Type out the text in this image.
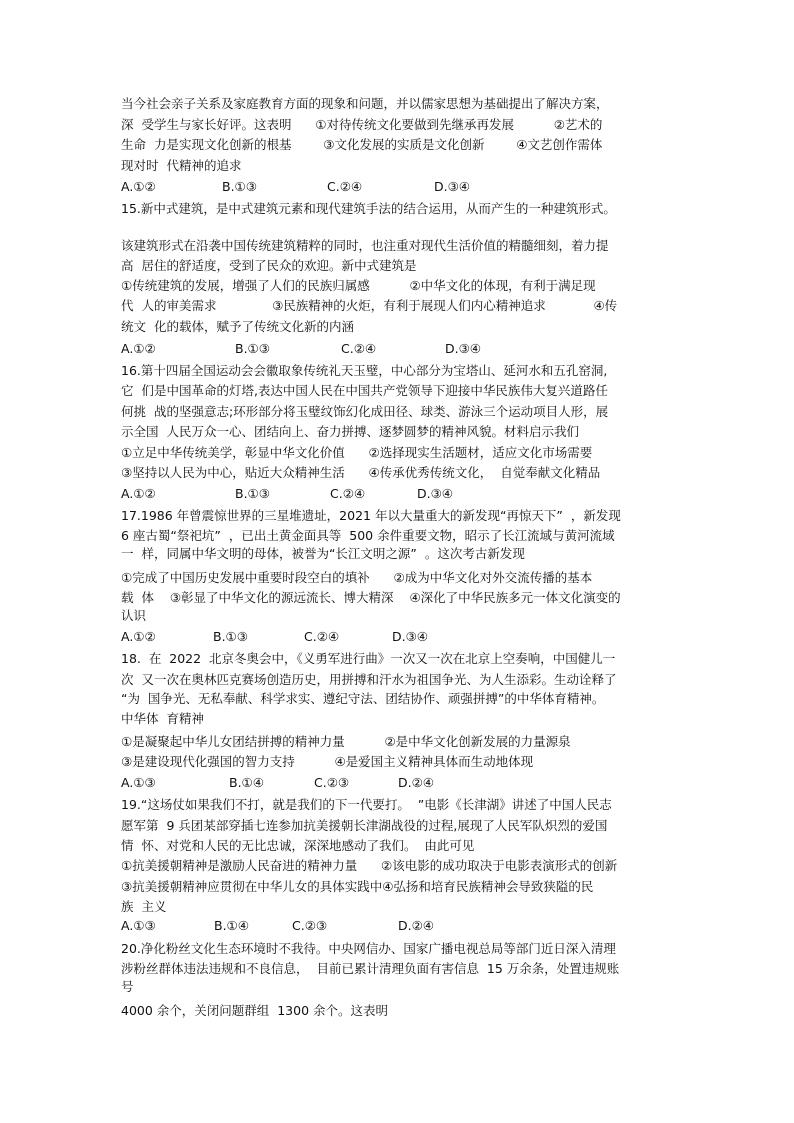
当今社会亲子关系及家庭教育方面的现象和问题，并以儒家思想为基础提出了解决方案，
深  受学生与家长好评。这表明      ①对待传统文化要做到先继承再发展          ②艺术的
生命  力是实现文化创新的根基        ③文化发展的实质是文化创新        ④文艺创作需体
现对时  代精神的追求
A.①②	B.①③	C.②④	D.③④
15.新中式建筑，是中式建筑元素和现代建筑手法的结合运用，从而产生的一种建筑形式。
该建筑形式在沿袭中国传统建筑精粹的同时，也注重对现代生活价值的精髓细刻，着力提
高  居住的舒适度，受到了民众的欢迎。新中式建筑是
①传统建筑的发展，增强了人们的民族归属感          ②中华文化的体现，有利于满足现
代  人的审美需求              ③民族精神的火炬，有利于展现人们内心精神追求            ④传
统文  化的载体，赋予了传统文化新的内涵
A.①②	B.①③	C.②④	D.③④
16.第十四届全国运动会会徽取象传统礼天玉璧，中心部分为宝塔山、延河水和五孔窑洞,
它  们是中国革命的灯塔,表达中国人民在中国共产党领导下迎接中华民族伟大复兴道路任
何挑  战的坚强意志;环形部分将玉璧纹饰幻化成田径、球类、游泳三个运动项目人形，展
示全国  人民万众一心、团结向上、奋力拼搏、逐梦圆梦的精神风貌。材料启示我们
①立足中华传统美学，彰显中华文化价值      ②选择现实生活题材，适应文化市场需要
③坚持以人民为中心，贴近大众精神生活      ④传承优秀传统文化，  自觉奉献文化精品
A.①②	B.①③	C.②④	D.③④
17.1986 年曾震惊世界的三星堆遗址，2021 年以大量重大的新发现“再惊天下”  ，新发现
6 座古蜀“祭祀坑”  ，已出土黄金面具等  500 余件重要文物，昭示了长江流域与黄河流域
一  样，同属中华文明的母体，被誉为“长江文明之源”  。这次考古新发现
①完成了中国历史发展中重要时段空白的填补      ②成为中华文化对外交流传播的基本
载  体    ③彰显了中华文化的源远流长、博大精深    ④深化了中华民族多元一体文化演变的
认识
A.①②	B.①③	C.②④	D.③④
18.  在  2022  北京冬奥会中，《义勇军进行曲》一次又一次在北京上空奏响，中国健儿一
次  又一次在奥林匹克赛场创造历史，用拼搏和汗水为祖国争光、为人生添彩。生动诠释了
“为  国争光、无私奉献、科学求实、遵纪守法、团结协作、顽强拼搏”的中华体育精神。
中华体  育精神
①是凝聚起中华儿女团结拼搏的精神力量          ②是中华文化创新发展的力量源泉
③是建设现代化强国的智力支持          ④是爱国主义精神具体而生动地体现
A.①③	B.①④	C.②③	D.②④
19.“这场仗如果我们不打，就是我们的下一代要打。  ”电影《长津湖》讲述了中国人民志
愿军第  9 兵团某部穿插七连参加抗美援朝长津湖战役的过程,展现了人民军队炽烈的爱国
情  怀、对党和人民的无比忠诚，深深地感动了我们。  由此可见
①抗美援朝精神是激励人民奋进的精神力量      ②该电影的成功取决于电影表演形式的创新
③抗美援朝精神应贯彻在中华儿女的具体实践中④弘扬和培育民族精神会导致狭隘的民
族  主义
A.①③	B.①④	C.②③	D.②④
20.净化粉丝文化生态环境时不我待。中央网信办、国家广播电视总局等部门近日深入清理
涉粉丝群体违法违规和不良信息，  目前已累计清理负面有害信息  15 万余条，处置违规账
号
4000 余个，关闭问题群组  1300 余个。这表明
